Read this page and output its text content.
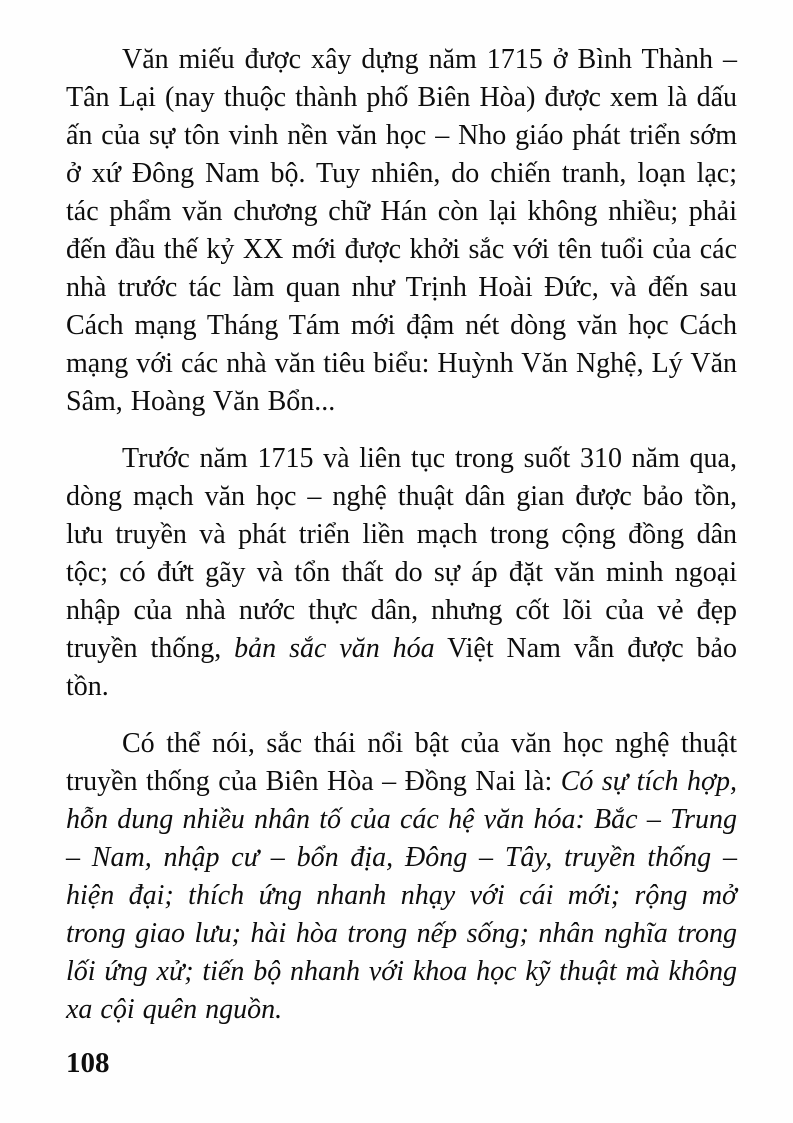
Văn miếu được xây dựng năm 1715 ở Bình Thành – Tân Lại (nay thuộc thành phố Biên Hòa) được xem là dấu ấn của sự tôn vinh nền văn học – Nho giáo phát triển sớm ở xứ Đông Nam bộ. Tuy nhiên, do chiến tranh, loạn lạc; tác phẩm văn chương chữ Hán còn lại không nhiều; phải đến đầu thế kỷ XX mới được khởi sắc với tên tuổi của các nhà trước tác làm quan như Trịnh Hoài Đức, và đến sau Cách mạng Tháng Tám mới đậm nét dòng văn học Cách mạng với các nhà văn tiêu biểu: Huỳnh Văn Nghệ, Lý Văn Sâm, Hoàng Văn Bổn...

Trước năm 1715 và liên tục trong suốt 310 năm qua, dòng mạch văn học – nghệ thuật dân gian được bảo tồn, lưu truyền và phát triển liền mạch trong cộng đồng dân tộc; có đứt gãy và tổn thất do sự áp đặt văn minh ngoại nhập của nhà nước thực dân, nhưng cốt lõi của vẻ đẹp truyền thống, bản sắc văn hóa Việt Nam vẫn được bảo tồn.

Có thể nói, sắc thái nổi bật của văn học nghệ thuật truyền thống của Biên Hòa – Đồng Nai là: Có sự tích hợp, hỗn dung nhiều nhân tố của các hệ văn hóa: Bắc – Trung – Nam, nhập cư – bổn địa, Đông – Tây, truyền thống – hiện đại; thích ứng nhanh nhạy với cái mới; rộng mở trong giao lưu; hài hòa trong nếp sống; nhân nghĩa trong lối ứng xử; tiến bộ nhanh với khoa học kỹ thuật mà không xa cội quên nguồn.

108
